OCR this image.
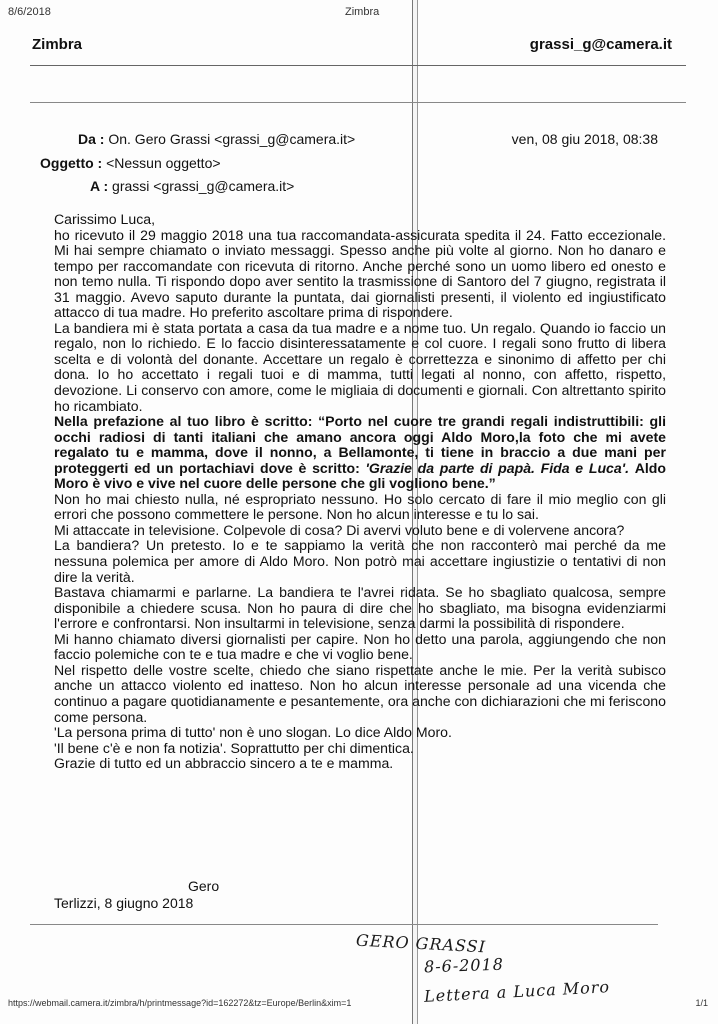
8/6/2018	Zimbra
Zimbra	grassi_g@camera.it
Da : On. Gero Grassi <grassi_g@camera.it>	ven, 08 giu 2018, 08:38
Oggetto : <Nessun oggetto>
A : grassi <grassi_g@camera.it>

Carissimo Luca,

ho ricevuto il 29 maggio 2018 una tua raccomandata-assicurata spedita il 24. Fatto eccezionale. Mi hai sempre chiamato o inviato messaggi. Spesso anche più volte al giorno. Non ho danaro e tempo per raccomandate con ricevuta di ritorno. Anche perché sono un uomo libero ed onesto e non temo nulla. Ti rispondo dopo aver sentito la trasmissione di Santoro del 7 giugno, registrata il 31 maggio. Avevo saputo durante la puntata, dai giornalisti presenti, il violento ed ingiustificato attacco di tua madre. Ho preferito ascoltare prima di rispondere.

La bandiera mi è stata portata a casa da tua madre e a nome tuo. Un regalo. Quando io faccio un regalo, non lo richiedo. E lo faccio disinteressatamente e col cuore. I regali sono frutto di libera scelta e di volontà del donante. Accettare un regalo è correttezza e sinonimo di affetto per chi dona. Io ho accettato i regali tuoi e di mamma, tutti legati al nonno, con affetto, rispetto, devozione. Li conservo con amore, come le migliaia di documenti e giornali. Con altrettanto spirito ho ricambiato.

Nella prefazione al tuo libro è scritto: “Porto nel cuore tre grandi regali indistruttibili: gli occhi radiosi di tanti italiani che amano ancora oggi Aldo Moro,la foto che mi avete regalato tu e mamma, dove il nonno, a Bellamonte, ti tiene in braccio a due mani per proteggerti ed un portachiavi dove è scritto: 'Grazie da parte di papà. Fida e Luca'. Aldo Moro è vivo e vive nel cuore delle persone che gli vogliono bene.”

Non ho mai chiesto nulla, né espropriato nessuno. Ho solo cercato di fare il mio meglio con gli errori che possono commettere le persone. Non ho alcun interesse e tu lo sai.

Mi attaccate in televisione. Colpevole di cosa? Di avervi voluto bene e di volervene ancora?

La bandiera? Un pretesto. Io e te sappiamo la verità che non racconterò mai perché da me nessuna polemica per amore di Aldo Moro. Non potrò mai accettare ingiustizie o tentativi di non dire la verità.

Bastava chiamarmi e parlarne. La bandiera te l'avrei ridata. Se ho sbagliato qualcosa, sempre disponibile a chiedere scusa. Non ho paura di dire che ho sbagliato, ma bisogna evidenziarmi l'errore e confrontarsi. Non insultarmi in televisione, senza darmi la possibilità di rispondere.

Mi hanno chiamato diversi giornalisti per capire. Non ho detto una parola, aggiungendo che non faccio polemiche con te e tua madre e che vi voglio bene.

Nel rispetto delle vostre scelte, chiedo che siano rispettate anche le mie. Per la verità subisco anche un attacco violento ed inatteso. Non ho alcun interesse personale ad una vicenda che continuo a pagare quotidianamente e pesantemente, ora anche con dichiarazioni che mi feriscono come persona.

'La persona prima di tutto' non è uno slogan. Lo dice Aldo Moro.

'Il bene c'è e non fa notizia'. Soprattutto per chi dimentica.

Grazie di tutto ed un abbraccio sincero a te e mamma.

Gero
Terlizzi, 8 giugno 2018
GERO GRASSI
8-6-2018
Lettera a Luca Moro
https://webmail.camera.it/zimbra/h/printmessage?id=162272&tz=Europe/Berlin&xim=1	1/1
